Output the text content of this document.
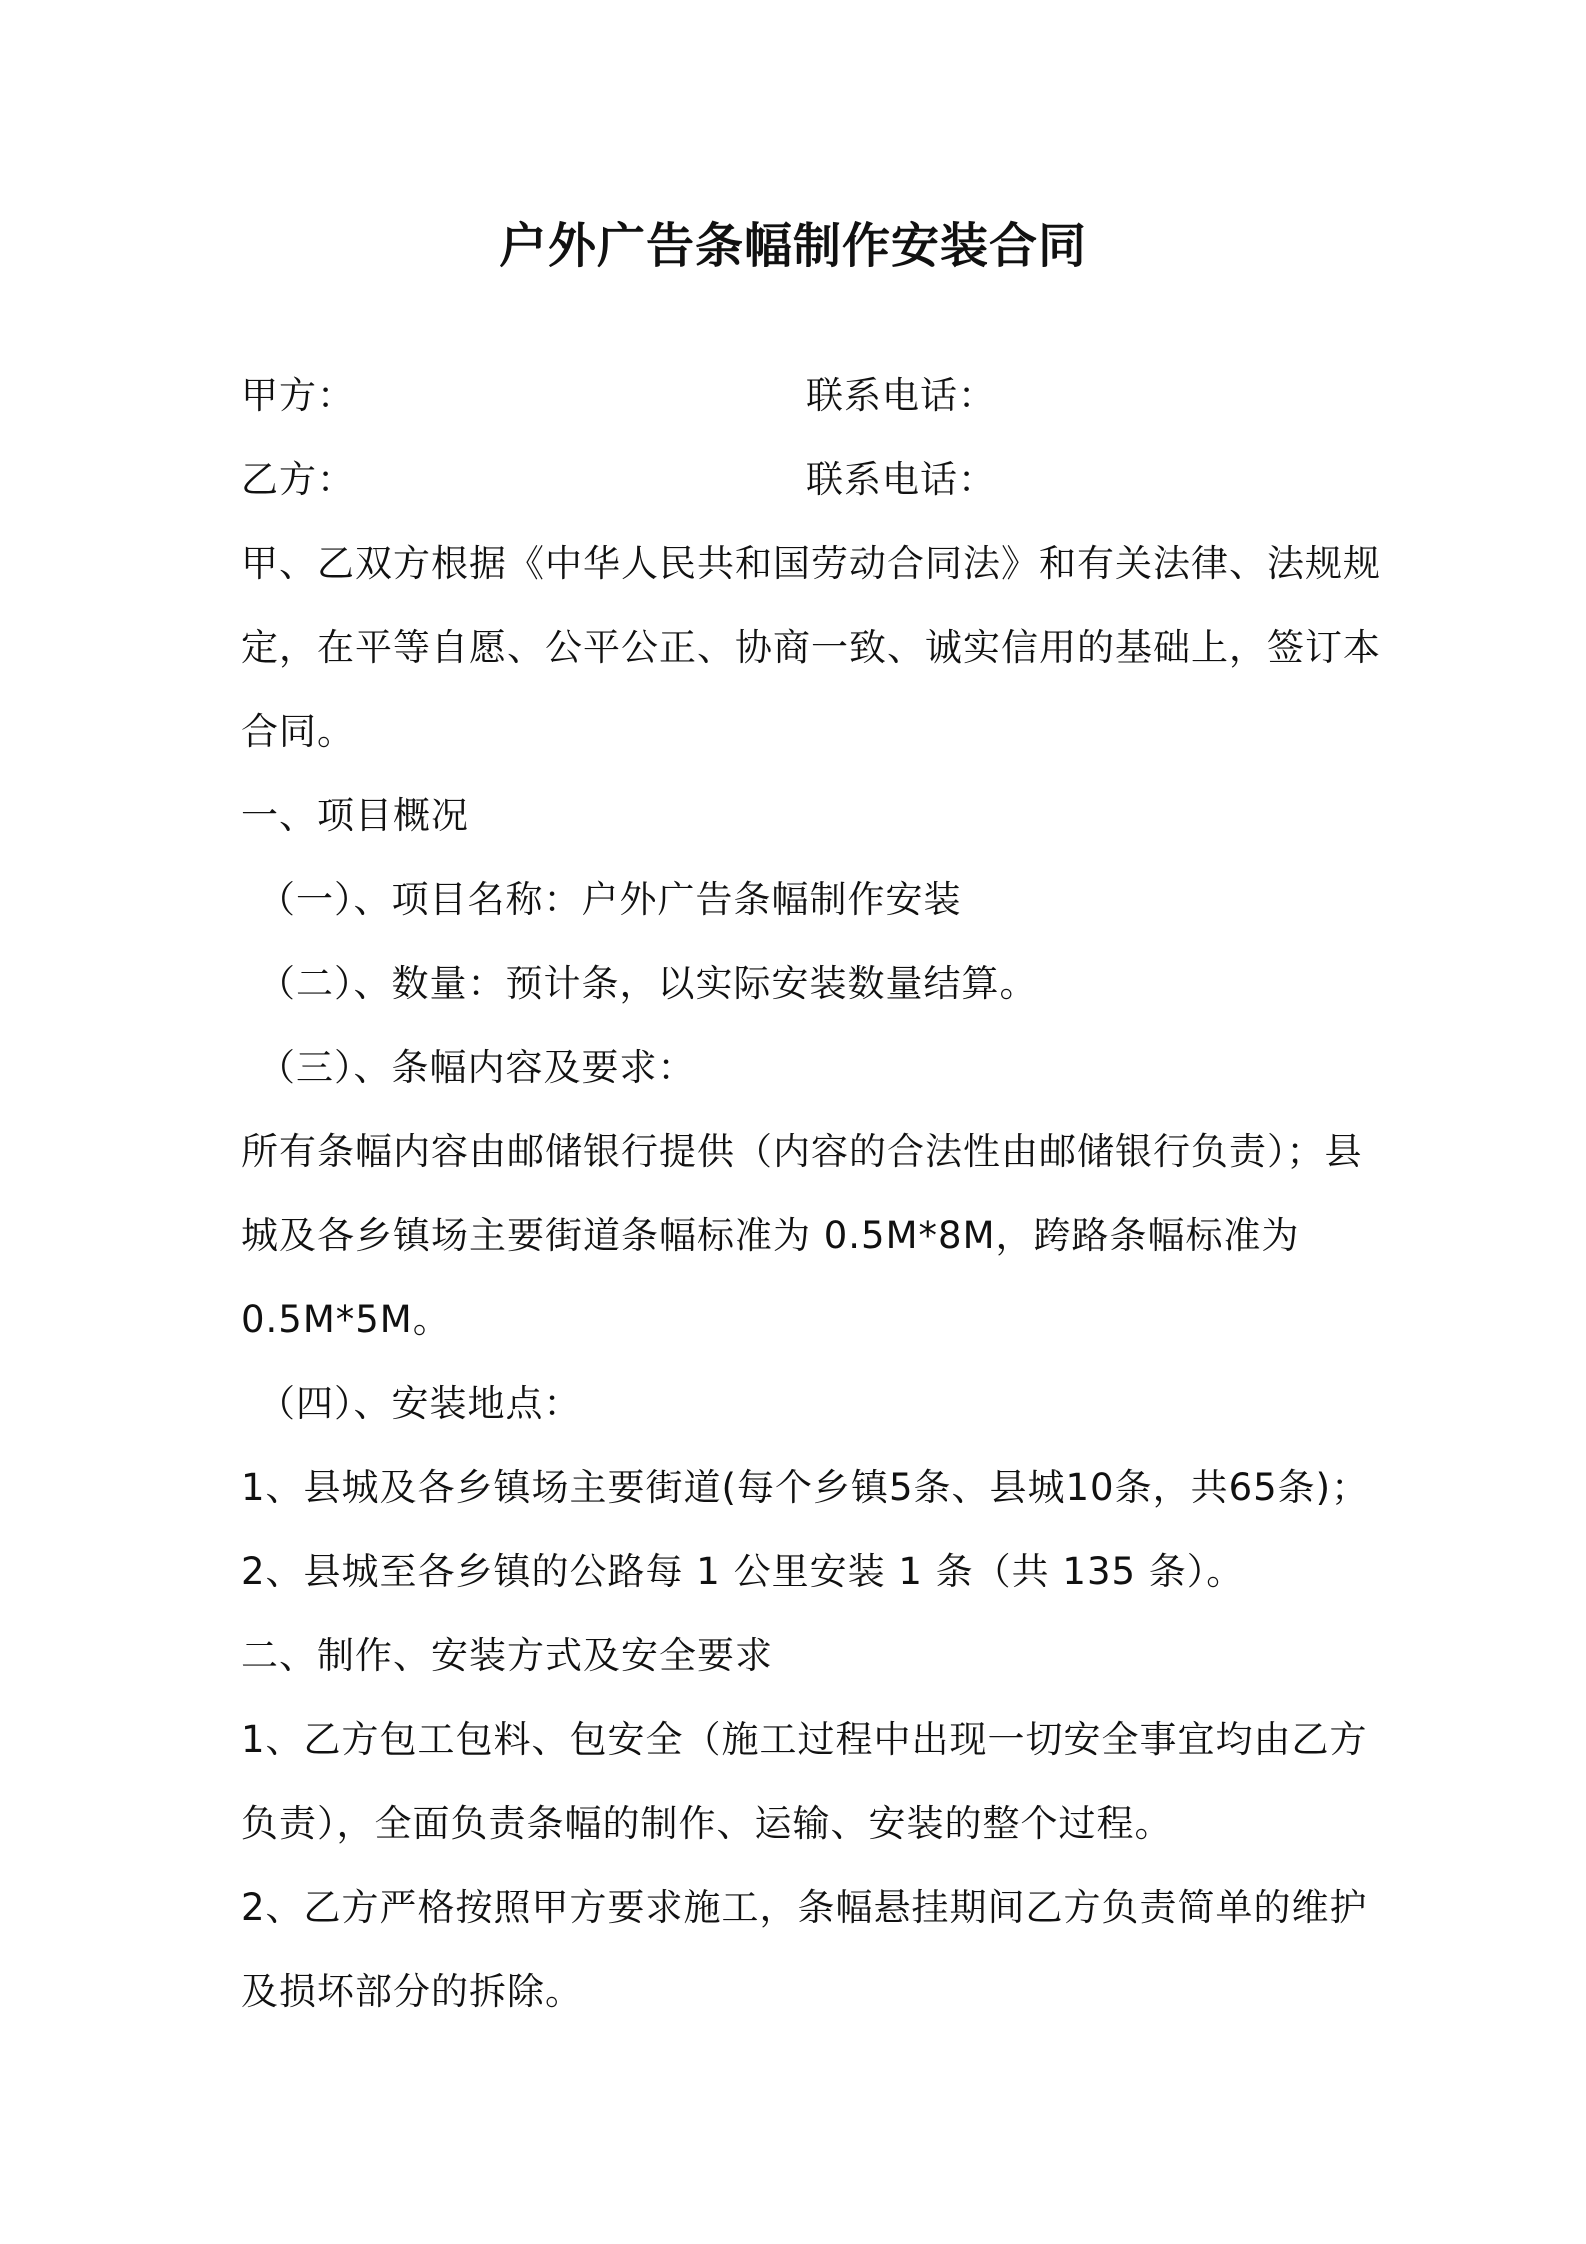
户外广告条幅制作安装合同
甲方：	联系电话：
乙方：	联系电话：
甲、乙双方根据《中华人民共和国劳动合同法》和有关法律、法规规
定，在平等自愿、公平公正、协商一致、诚实信用的基础上，签订本
合同。
一、项目概况
（一）、项目名称：户外广告条幅制作安装
（二）、数量：预计条，以实际安装数量结算。
（三）、条幅内容及要求：
所有条幅内容由邮储银行提供（内容的合法性由邮储银行负责）；县
城及各乡镇场主要街道条幅标准为 0.5M*8M，跨路条幅标准为
0.5M*5M。
（四）、安装地点：
1、县城及各乡镇场主要街道(每个乡镇5条、县城10条，共65条)；
2、县城至各乡镇的公路每 1 公里安装 1 条（共 135 条）。
二、制作、安装方式及安全要求
1、乙方包工包料、包安全（施工过程中出现一切安全事宜均由乙方
负责），全面负责条幅的制作、运输、安装的整个过程。
2、乙方严格按照甲方要求施工，条幅悬挂期间乙方负责简单的维护
及损坏部分的拆除。
